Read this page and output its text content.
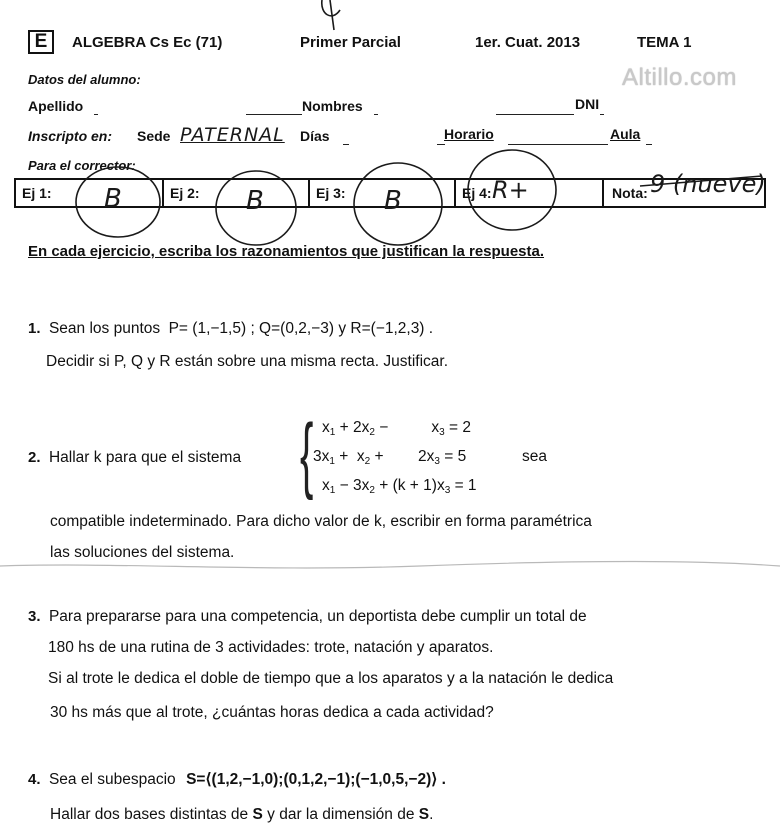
E	ALGEBRA Cs Ec (71)	Primer Parcial	1er. Cuat. 2013	TEMA 1
Altillo.com
Datos del alumno:
Apellido	Nombres	DNI
Inscripto en: Sede PATERNAL Días	Horario	Aula
Para el corrector:
Ej 1:	Ej 2:	Ej 3:	Ej 4:	Nota:
B	B	B	R+	9 (nueve)
En cada ejercicio, escriba los razonamientos que justifican la respuesta.
1. Sean los puntos P= (1,−1,5) ; Q=(0,2,−3) y R=(−1,2,3) .
Decidir si P, Q y R están sobre una misma recta. Justificar.
2. Hallar k para que el sistema { $x_1 + 2x_2$ −          $x_3 = 2$
$3x_1 + x_2$ +        $2x_3 = 5$
$x_1 - 3x_2 + (k + 1)x_3 = 1$
sea
compatible indeterminado. Para dicho valor de k, escribir en forma paramétrica
las soluciones del sistema.
3. Para prepararse para una competencia, un deportista debe cumplir un total de
180 hs de una rutina de 3 actividades: trote, natación y aparatos.
Si al trote le dedica el doble de tiempo que a los aparatos y a la natación le dedica
30 hs más que al trote, ¿cuántas horas dedica a cada actividad?
4. Sea el subespacio S=⟨(1,2,−1,0);(0,1,2,−1);(−1,0,5,−2)⟩ .
Hallar dos bases distintas de S y dar la dimensión de S.
